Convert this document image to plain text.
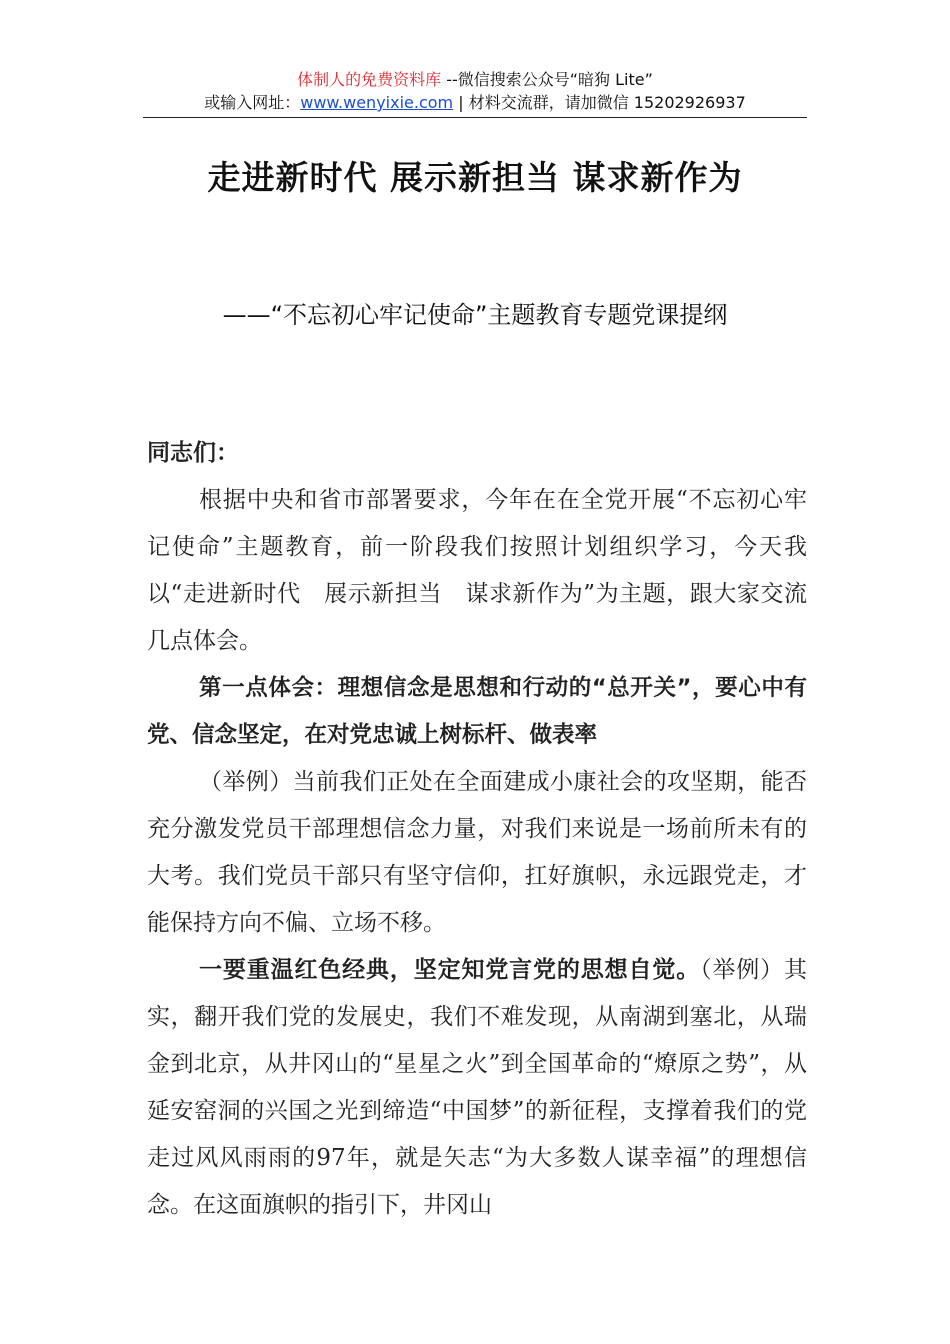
体制人的免费资料库 --微信搜索公众号“暗狗 Lite”
或输入网址：www.wenyixie.com | 材料交流群，请加微信 15202926937
走进新时代 展示新担当 谋求新作为
——“不忘初心牢记使命”主题教育专题党课提纲

同志们：

根据中央和省市部署要求，今年在在全党开展“不忘初心牢记使命”主题教育，前一阶段我们按照计划组织学习，今天我以“走进新时代　展示新担当　谋求新作为”为主题，跟大家交流几点体会。

第一点体会：理想信念是思想和行动的“总开关”，要心中有党、信念坚定，在对党忠诚上树标杆、做表率

（举例）当前我们正处在全面建成小康社会的攻坚期，能否充分激发党员干部理想信念力量，对我们来说是一场前所未有的大考。我们党员干部只有坚守信仰，扛好旗帜，永远跟党走，才能保持方向不偏、立场不移。

一要重温红色经典，坚定知党言党的思想自觉。（举例）其实，翻开我们党的发展史，我们不难发现，从南湖到塞北，从瑞金到北京，从井冈山的“星星之火”到全国革命的“燎原之势”，从延安窑洞的兴国之光到缔造“中国梦”的新征程，支撑着我们的党走过风风雨雨的97年，就是矢志“为大多数人谋幸福”的理想信念。在这面旗帜的指引下，井冈山
